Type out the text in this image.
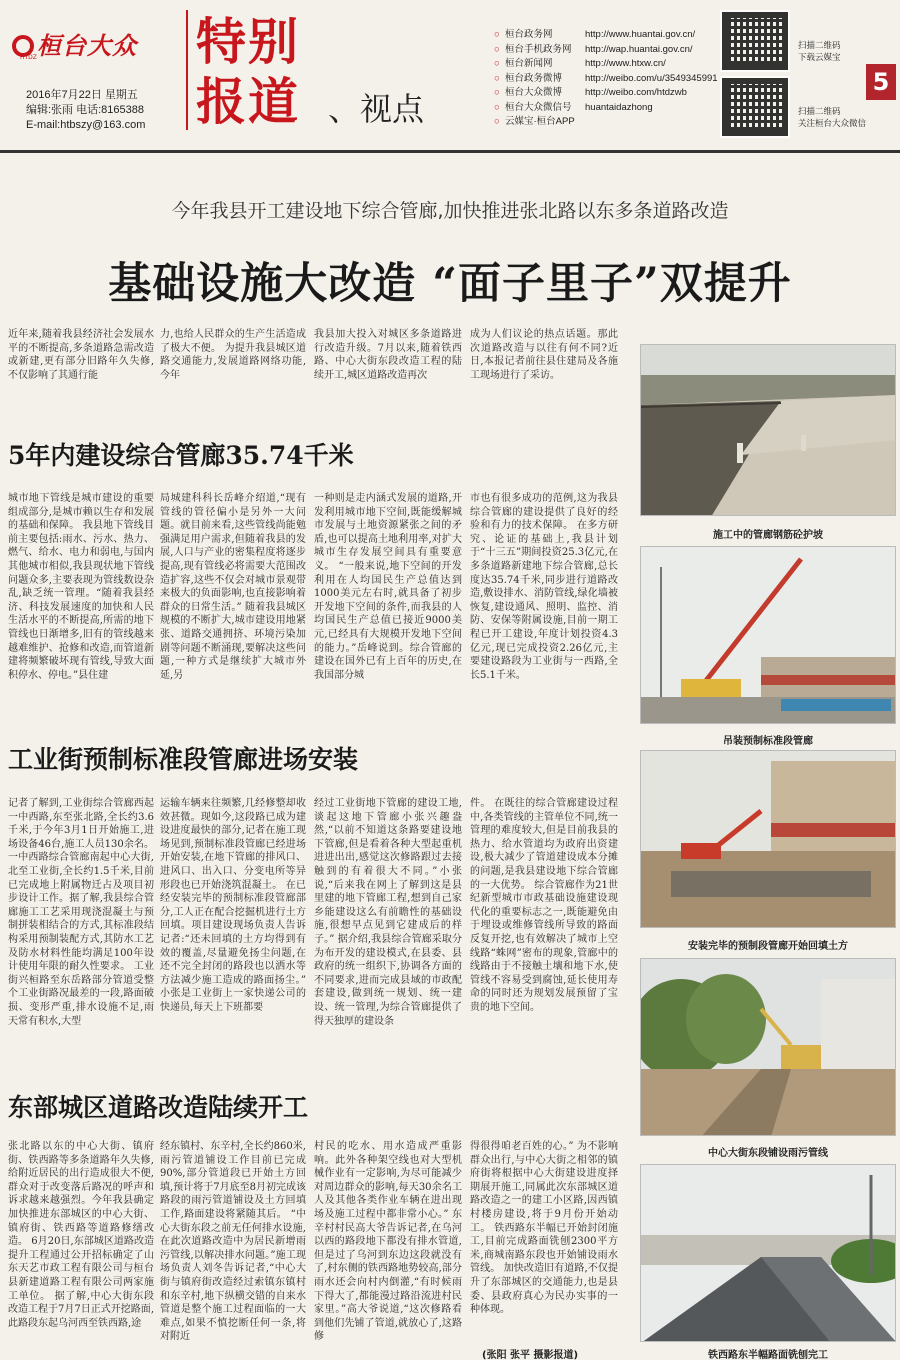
桓台大众
HTDZ
2016年7月22日 星期五
编辑:张雨 电话:8165388
E-mail:htbszy@163.com
特别
报道
、	视点
○ 桓台政务网	http://www.huantai.gov.cn/
○ 桓台手机政务网	http://wap.huantai.gov.cn/
○ 桓台新闻网	http://www.htxw.cn/
○ 桓台政务微博	http://weibo.com/u/3549345991
○ 桓台大众微博	http://weibo.com/htdzwb
○ 桓台大众微信号	huantaidazhong
○ 云媒宝·桓台APP
扫描二维码
下载云媒宝
扫描二维码
关注桓台大众微信
5
今年我县开工建设地下综合管廊,加快推进张北路以东多条道路改造
基础设施大改造 “面子里子”双提升
近年来,随着我县经济社会发展水平的不断提高,多条道路急需改造或新建,更有部分旧路年久失修,不仅影响了其通行能
力,也给人民群众的生产生活造成了极大不便。 为提升我县城区道路交通能力,发展道路网络功能,今年
我县加大投入对城区多条道路进行改造升级。7月以来,随着铁西路、中心大街东段改造工程的陆续开工,城区道路改造再次
成为人们议论的热点话题。那此次道路改造与以往有何不同?近日,本报记者前往县住建局及各施工现场进行了采访。
5年内建设综合管廊35.74千米
城市地下管线是城市建设的重要组成部分,是城市赖以生存和发展的基础和保障。 我县地下管线目前主要包括:雨水、污水、热力、燃气、给水、电力和弱电,与国内其他城市相似,我县现状地下管线问题众多,主要表现为管线数设杂乱,缺乏统一管理。“随着我县经济、科技发展速度的加快和人民生活水平的不断提高,所需的地下管线也日渐增多,旧有的管线越来越难维护、抢修和改造,而管道新建将频繁破坏现有管线,导致大面积停水、停电。”县住建
局城建科科长岳峰介绍道,“现有管线的管径偏小是另外一大问题。就目前来看,这些管线尚能勉强满足用户需求,但随着我县的发展,人口与产业的密集程度将逐步提高,现有管线必将需要大范围改造扩容,这些不仅会对城市景观带来极大的负面影响,也直接影响着群众的日常生活。” 随着我县城区规模的不断扩大,城市建设用地紧张、道路交通拥挤、环境污染加剧等问题不断涌现,要解决这些问题,一种方式是继续扩大城市外延,另
一种则是走内涵式发展的道路,开发利用城市地下空间,既能缓解城市发展与土地资源紧张之间的矛盾,也可以提高土地利用率,对扩大城市生存发展空间具有重要意义。 “一般来说,地下空间的开发利用在人均国民生产总值达到1000美元左右时,就具备了初步开发地下空间的条件,而我县的人均国民生产总值已接近9000美元,已经具有大规模开发地下空间的能力。”岳峰说到。综合管廊的建设在国外已有上百年的历史,在我国部分城
市也有很多成功的范例,这为我县综合管廊的建设提供了良好的经验和有力的技术保障。 在多方研究、论证的基础上,我县计划于“十三五”期间投资25.3亿元,在多条道路新建地下综合管廊,总长度达35.74千米,同步进行道路改造,敷设排水、消防管线,绿化墙被恢复,建设通风、照明、监控、消防、安保等附属设施,目前一期工程已开工建设,年度计划投资4.3亿元,现已完成投资2.26亿元,主要建设路段为工业街与一西路,全长5.1千米。
工业街预制标准段管廊进场安装
记者了解到,工业街综合管廊西起一中西路,东至张北路,全长约3.6千米,于今年3月1日开始施工,进场设备46台,施工人员130余名。一中西路综合管廊南起中心大街,北至工业街,全长约1.5千米,目前已完成地上附属物迁占及项目初步设计工作。据了解,我县综合管廊施工工艺采用现浇混凝土与预制拼装相结合的方式,其标准段结构采用预制装配方式,其防水工艺及防水材料性能均满足100年设计使用年限的耐久性要求。 工业街兴桓路至东岳路部分管道受整个工业街路况最差的一段,路面破损、变形严重,排水设施不足,雨天常有积水,大型
运输车辆来往频繁,几经修整却收效甚微。现如今,这段路已成为建设进度最快的部分,记者在施工现场见到,预制标准段管廊已经进场开始安装,在地下管廊的排风口、进风口、出入口、分变电所等异形段也已开始浇筑混凝土。 在已经安装完毕的预制标准段管廊部分,工人正在配合挖掘机进行土方回填。项目建设现场负责人告诉记者:“还未回填的土方均得到有效的覆盖,尽量避免扬尘问题,在还不完全封闭的路段也以洒水等方法减少施工造成的路面扬尘。” 小张是工业街上一家快递公司的快递员,每天上下班都要
经过工业街地下管廊的建设工地,谈起这地下管廊小张兴趣盎然,“以前不知道这条路要建设地下管廊,但是看着各种大型起重机进进出出,感觉这次修路跟过去接触到的有着很大不同。”小张说,“后来我在网上了解到这是县里建的地下管廊工程,想到自己家乡能建设这么有前瞻性的基础设施,很想早点见到它建成后的样子。” 据介绍,我县综合管廊采取分为布开发的建设模式,在县委、县政府的统一组织下,协调各方面的不同要求,进而完成县域的市政配套建设,做到统一规划、统一建设、统一管理,为综合管廊提供了得天独厚的建设条
件。 在既往的综合管廊建设过程中,各类管线的主管单位不同,统一管理的难度较大,但是目前我县的热力、给水管道均为政府出资建设,极大减少了管道建设成本分摊的问题,是我县建设地下综合管廊的一大优势。 综合管廊作为21世纪新型城市市政基础设施建设现代化的重要标志之一,既能避免由于埋设或维修管线所导致的路面反复开挖,也有效解决了城市上空线路“蛛网”密布的现象,管廊中的线路由于不接触土壤和地下水,使管线不容易受到腐蚀,延长使用寿命的同时还为规划发展预留了宝贵的地下空间。
东部城区道路改造陆续开工
张北路以东的中心大街、镇府街、铁西路等多条道路年久失修,给附近居民的出行造成很大不便,群众对于改变落后路况的呼声和诉求越来越强烈。今年我县确定加快推进东部城区的中心大街、镇府街、铁西路等道路修缮改造。 6月20日,东部城区道路改造提升工程通过公开招标确定了山东天艺市政工程有限公司与桓台县新建道路工程有限公司两家施工单位。 据了解,中心大街东段改造工程于7月7日正式开挖路面,此路段东起乌河西至铁西路,途
经东镇村、东辛村,全长约860米,雨污管道铺设工作目前已完成90%,部分管道段已开始土方回填,预计将于7月底至8月初完成该路段的雨污管道铺设及土方回填工作,路面建设将紧随其后。 “中心大街东段之前无任何排水设施,在此次道路改造中为居民新增雨污管线,以解决排水问题。”施工现场负责人刘冬告诉记者,“中心大街与镇府街改造经过索镇东镇村和东辛村,地下纵横交错的自来水管道是整个施工过程面临的一大难点,如果不慎挖断任何一条,将对附近
村民的吃水、用水造成严重影响。此外各种架空线也对大型机械作业有一定影响,为尽可能减少对周边群众的影响,每天30余名工人及其他各类作业车辆在进出现场及施工过程中都非常小心。” 东辛村村民高大爷告诉记者,在乌河以西的路段地下都没有排水管道,但是过了乌河到东边这段就没有了,村东侧的铁西路地势较高,部分雨水还会向村内倒灌,“有时候雨下得大了,都能漫过路沿流进村民家里。”高大爷说道,“这次修路看到他们先铺了管道,就放心了,这路修
得很得咱老百姓的心。” 为不影响群众出行,与中心大街之相邻的镇府街将根据中心大街建设进度择期展开施工,同属此次东部城区道路改造之一的建工小区路,因西镇村楼房建设,将于9月份开始动工。 铁西路东半幅已开始封闭施工,目前完成路面铣刨2300平方米,商城南路东段也开始铺设雨水管线。 加快改造旧有道路,不仅提升了东部城区的交通能力,也是县委、县政府真心为民办实事的一种体现。
(张阳 张平 摄影报道)
施工中的管廊钢筋砼护坡
吊装预制标准段管廊
安装完毕的预制段管廊开始回填土方
中心大街东段铺设雨污管线
铁西路东半幅路面铣刨完工
